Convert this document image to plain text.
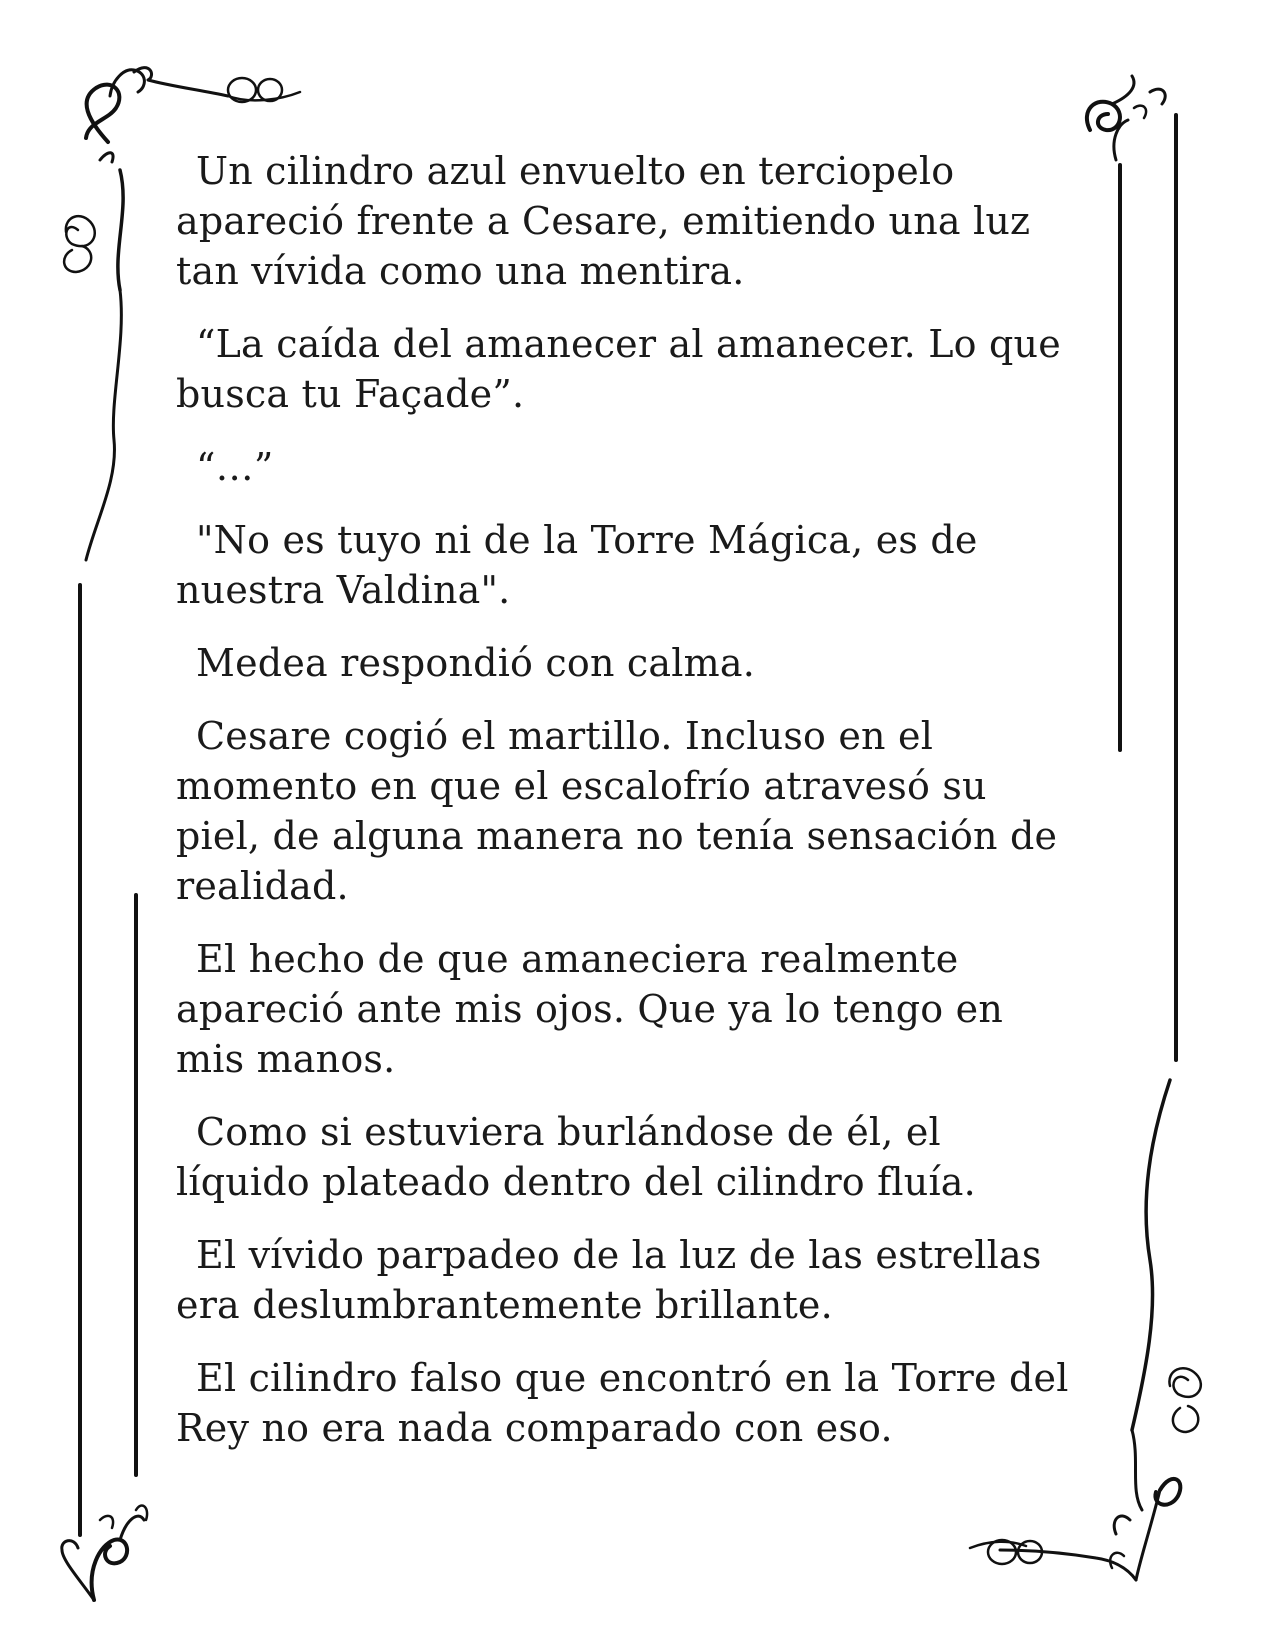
Un cilindro azul envuelto en terciopelo apareció frente a Cesare, emitiendo una luz tan vívida como una mentira.

“La caída del amanecer al amanecer. Lo que busca tu Façade”.

“…”

"No es tuyo ni de la Torre Mágica, es de nuestra Valdina".

Medea respondió con calma.

Cesare cogió el martillo. Incluso en el momento en que el escalofrío atravesó su piel, de alguna manera no tenía sensación de realidad.

El hecho de que amaneciera realmente apareció ante mis ojos. Que ya lo tengo en mis manos.

Como si estuviera burlándose de él, el líquido plateado dentro del cilindro fluía.

El vívido parpadeo de la luz de las estrellas era deslumbrantemente brillante.

El cilindro falso que encontró en la Torre del Rey no era nada comparado con eso.
